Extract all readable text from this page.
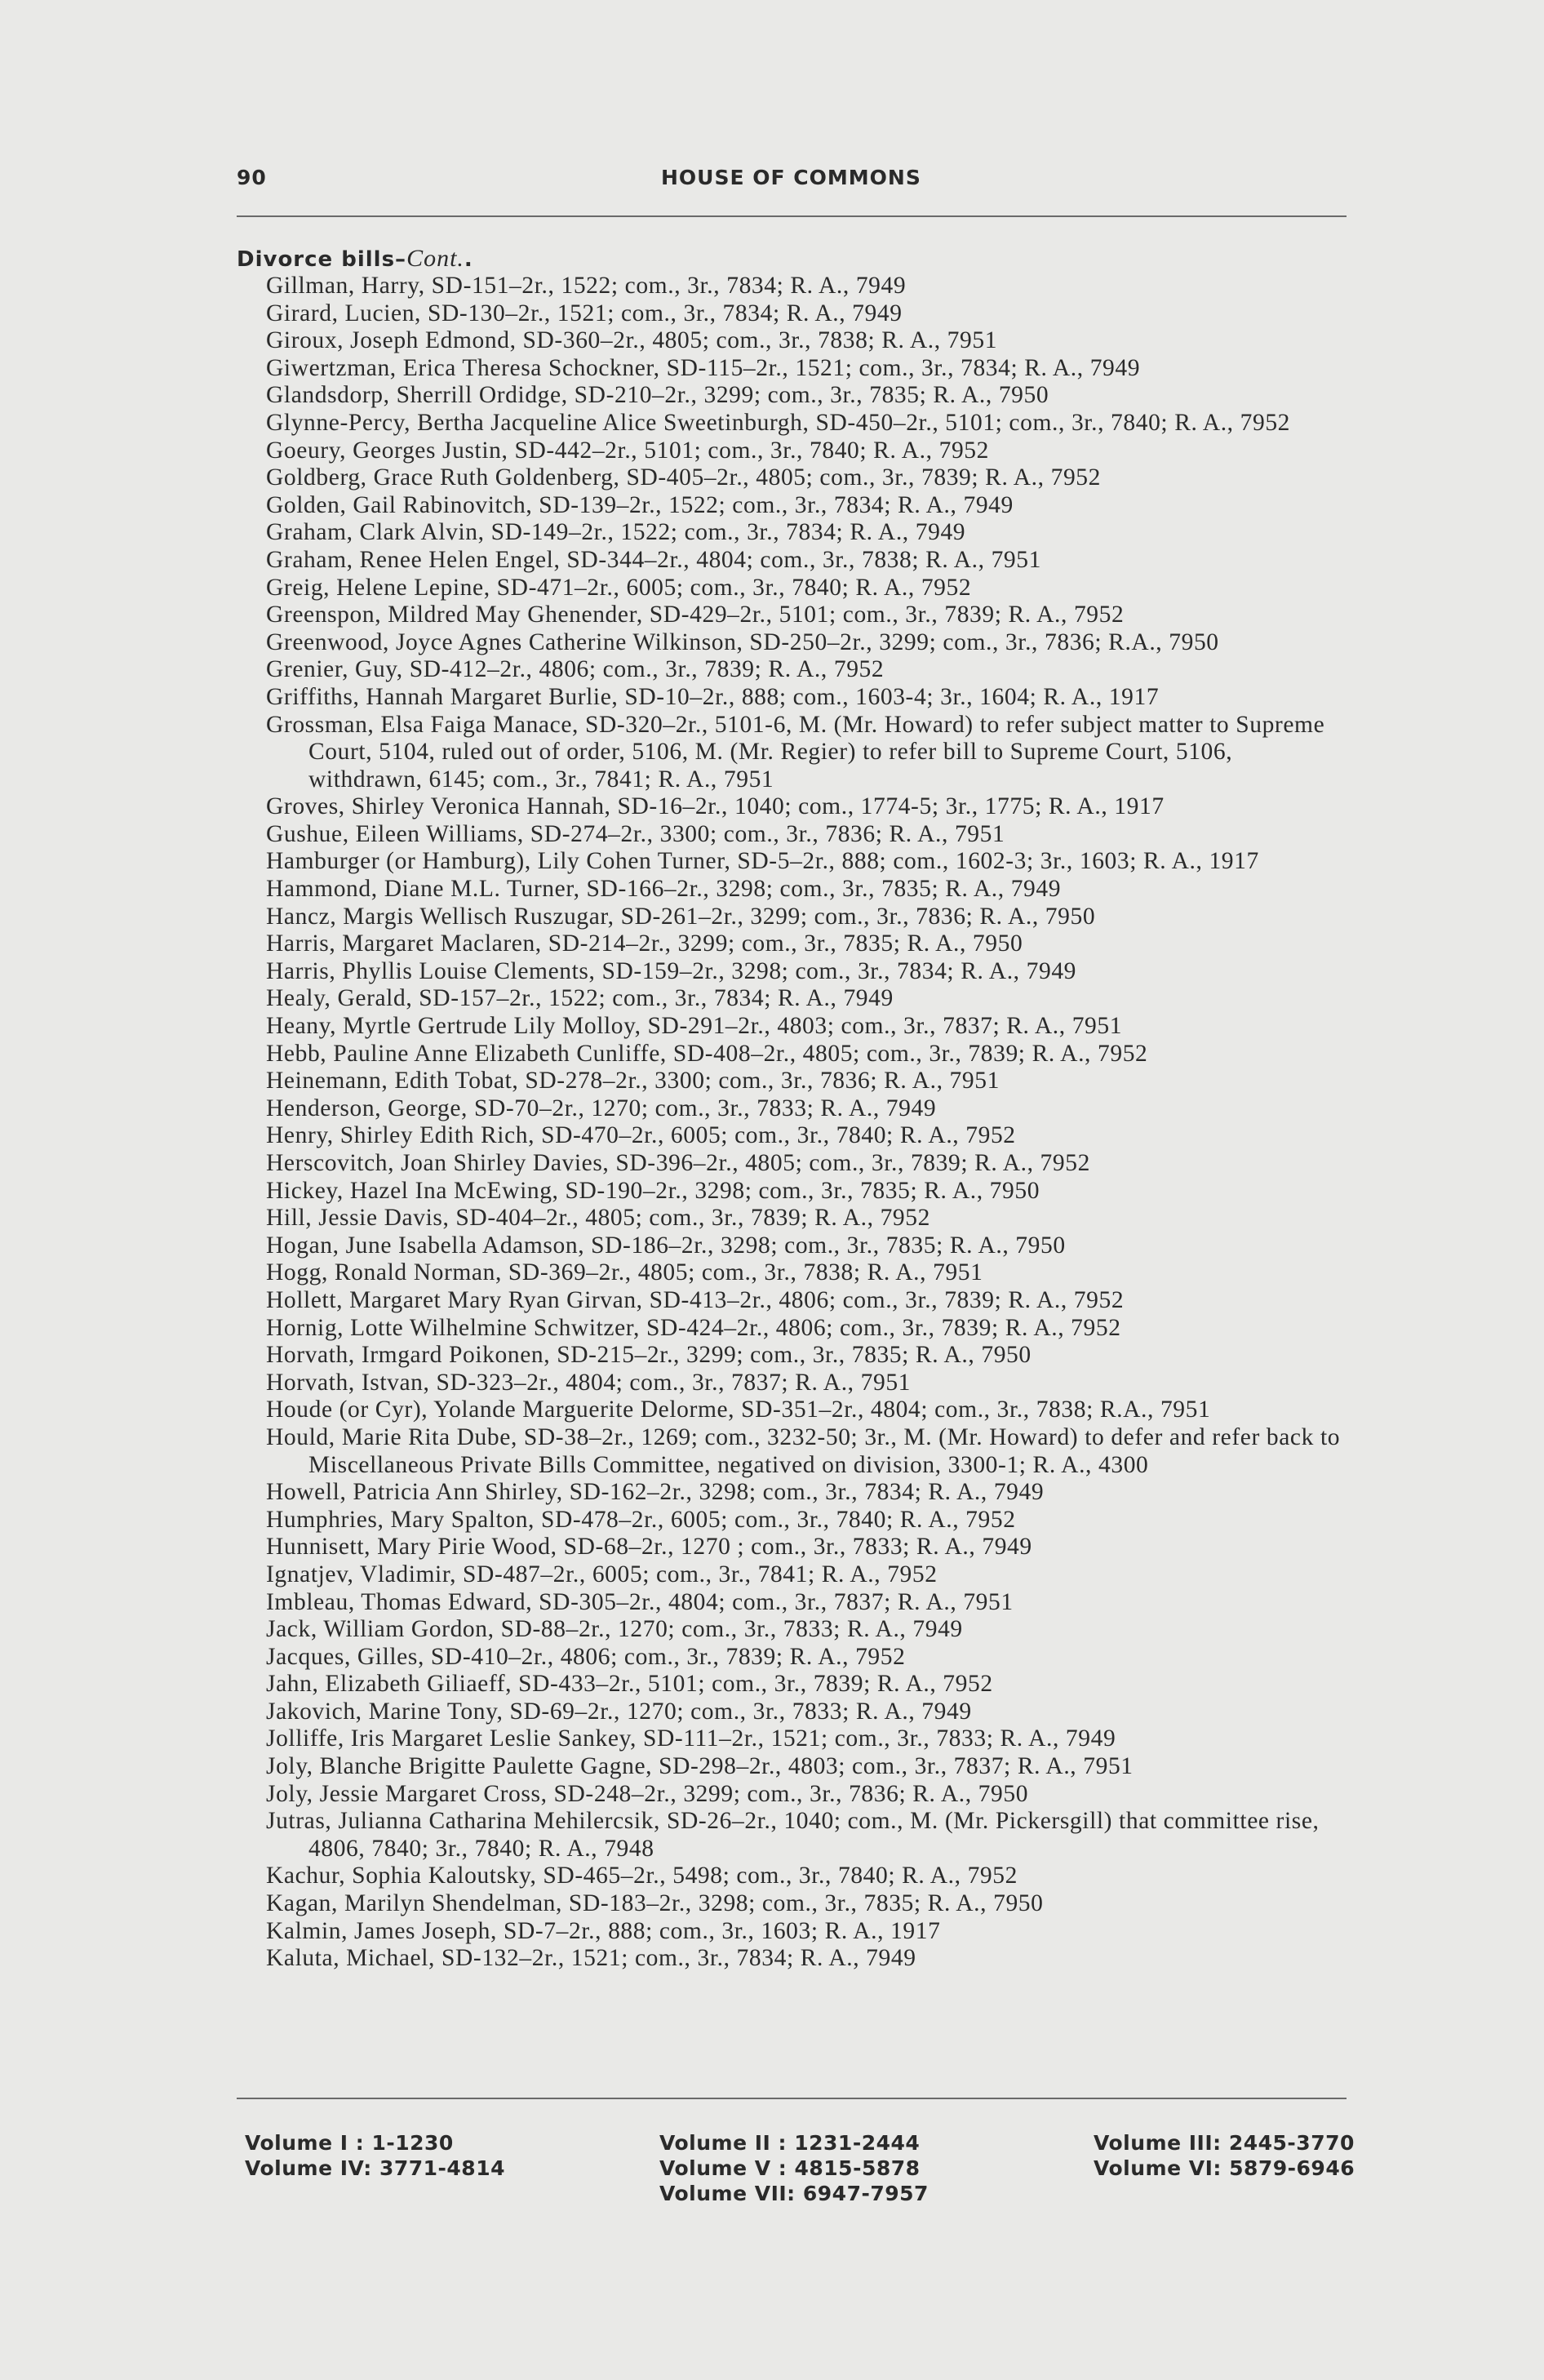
90	HOUSE OF COMMONS
Divorce bills–Cont..

Gillman, Harry, SD-151–2r., 1522; com., 3r., 7834; R. A., 7949

Girard, Lucien, SD-130–2r., 1521; com., 3r., 7834; R. A., 7949

Giroux, Joseph Edmond, SD-360–2r., 4805; com., 3r., 7838; R. A., 7951

Giwertzman, Erica Theresa Schockner, SD-115–2r., 1521; com., 3r., 7834; R. A., 7949

Glandsdorp, Sherrill Ordidge, SD-210–2r., 3299; com., 3r., 7835; R. A., 7950

Glynne-Percy, Bertha Jacqueline Alice Sweetinburgh, SD-450–2r., 5101; com., 3r., 7840; R. A., 7952

Goeury, Georges Justin, SD-442–2r., 5101; com., 3r., 7840; R. A., 7952

Goldberg, Grace Ruth Goldenberg, SD-405–2r., 4805; com., 3r., 7839; R. A., 7952

Golden, Gail Rabinovitch, SD-139–2r., 1522; com., 3r., 7834; R. A., 7949

Graham, Clark Alvin, SD-149–2r., 1522; com., 3r., 7834; R. A., 7949

Graham, Renee Helen Engel, SD-344–2r., 4804; com., 3r., 7838; R. A., 7951

Greig, Helene Lepine, SD-471–2r., 6005; com., 3r., 7840; R. A., 7952

Greenspon, Mildred May Ghenender, SD-429–2r., 5101; com., 3r., 7839; R. A., 7952

Greenwood, Joyce Agnes Catherine Wilkinson, SD-250–2r., 3299; com., 3r., 7836; R.A., 7950

Grenier, Guy, SD-412–2r., 4806; com., 3r., 7839; R. A., 7952

Griffiths, Hannah Margaret Burlie, SD-10–2r., 888; com., 1603-4; 3r., 1604; R. A., 1917

Grossman, Elsa Faiga Manace, SD-320–2r., 5101-6, M. (Mr. Howard) to refer subject matter to Supreme Court, 5104, ruled out of order, 5106, M. (Mr. Regier) to refer bill to Supreme Court, 5106, withdrawn, 6145; com., 3r., 7841; R. A., 7951

Groves, Shirley Veronica Hannah, SD-16–2r., 1040; com., 1774-5; 3r., 1775; R. A., 1917

Gushue, Eileen Williams, SD-274–2r., 3300; com., 3r., 7836; R. A., 7951

Hamburger (or Hamburg), Lily Cohen Turner, SD-5–2r., 888; com., 1602-3; 3r., 1603; R. A., 1917

Hammond, Diane M.L. Turner, SD-166–2r., 3298; com., 3r., 7835; R. A., 7949

Hancz, Margis Wellisch Ruszugar, SD-261–2r., 3299; com., 3r., 7836; R. A., 7950

Harris, Margaret Maclaren, SD-214–2r., 3299; com., 3r., 7835; R. A., 7950

Harris, Phyllis Louise Clements, SD-159–2r., 3298; com., 3r., 7834; R. A., 7949

Healy, Gerald, SD-157–2r., 1522; com., 3r., 7834; R. A., 7949

Heany, Myrtle Gertrude Lily Molloy, SD-291–2r., 4803; com., 3r., 7837; R. A., 7951

Hebb, Pauline Anne Elizabeth Cunliffe, SD-408–2r., 4805; com., 3r., 7839; R. A., 7952

Heinemann, Edith Tobat, SD-278–2r., 3300; com., 3r., 7836; R. A., 7951

Henderson, George, SD-70–2r., 1270; com., 3r., 7833; R. A., 7949

Henry, Shirley Edith Rich, SD-470–2r., 6005; com., 3r., 7840; R. A., 7952

Herscovitch, Joan Shirley Davies, SD-396–2r., 4805; com., 3r., 7839; R. A., 7952

Hickey, Hazel Ina McEwing, SD-190–2r., 3298; com., 3r., 7835; R. A., 7950

Hill, Jessie Davis, SD-404–2r., 4805; com., 3r., 7839; R. A., 7952

Hogan, June Isabella Adamson, SD-186–2r., 3298; com., 3r., 7835; R. A., 7950

Hogg, Ronald Norman, SD-369–2r., 4805; com., 3r., 7838; R. A., 7951

Hollett, Margaret Mary Ryan Girvan, SD-413–2r., 4806; com., 3r., 7839; R. A., 7952

Hornig, Lotte Wilhelmine Schwitzer, SD-424–2r., 4806; com., 3r., 7839; R. A., 7952

Horvath, Irmgard Poikonen, SD-215–2r., 3299; com., 3r., 7835; R. A., 7950

Horvath, Istvan, SD-323–2r., 4804; com., 3r., 7837; R. A., 7951

Houde (or Cyr), Yolande Marguerite Delorme, SD-351–2r., 4804; com., 3r., 7838; R.A., 7951

Hould, Marie Rita Dube, SD-38–2r., 1269; com., 3232-50; 3r., M. (Mr. Howard) to defer and refer back to Miscellaneous Private Bills Committee, negatived on division, 3300-1; R. A., 4300

Howell, Patricia Ann Shirley, SD-162–2r., 3298; com., 3r., 7834; R. A., 7949

Humphries, Mary Spalton, SD-478–2r., 6005; com., 3r., 7840; R. A., 7952

Hunnisett, Mary Pirie Wood, SD-68–2r., 1270 ; com., 3r., 7833; R. A., 7949

Ignatjev, Vladimir, SD-487–2r., 6005; com., 3r., 7841; R. A., 7952

Imbleau, Thomas Edward, SD-305–2r., 4804; com., 3r., 7837; R. A., 7951

Jack, William Gordon, SD-88–2r., 1270; com., 3r., 7833; R. A., 7949

Jacques, Gilles, SD-410–2r., 4806; com., 3r., 7839; R. A., 7952

Jahn, Elizabeth Giliaeff, SD-433–2r., 5101; com., 3r., 7839; R. A., 7952

Jakovich, Marine Tony, SD-69–2r., 1270; com., 3r., 7833; R. A., 7949

Jolliffe, Iris Margaret Leslie Sankey, SD-111–2r., 1521; com., 3r., 7833; R. A., 7949

Joly, Blanche Brigitte Paulette Gagne, SD-298–2r., 4803; com., 3r., 7837; R. A., 7951

Joly, Jessie Margaret Cross, SD-248–2r., 3299; com., 3r., 7836; R. A., 7950

Jutras, Julianna Catharina Mehilercsik, SD-26–2r., 1040; com., M. (Mr. Pickersgill) that committee rise, 4806, 7840; 3r., 7840; R. A., 7948

Kachur, Sophia Kaloutsky, SD-465–2r., 5498; com., 3r., 7840; R. A., 7952

Kagan, Marilyn Shendelman, SD-183–2r., 3298; com., 3r., 7835; R. A., 7950

Kalmin, James Joseph, SD-7–2r., 888; com., 3r., 1603; R. A., 1917

Kaluta, Michael, SD-132–2r., 1521; com., 3r., 7834; R. A., 7949

Volume I : 1-1230
Volume IV: 3771-4814
Volume II : 1231-2444
Volume V : 4815-5878
Volume VII: 6947-7957
Volume III: 2445-3770
Volume VI: 5879-6946
